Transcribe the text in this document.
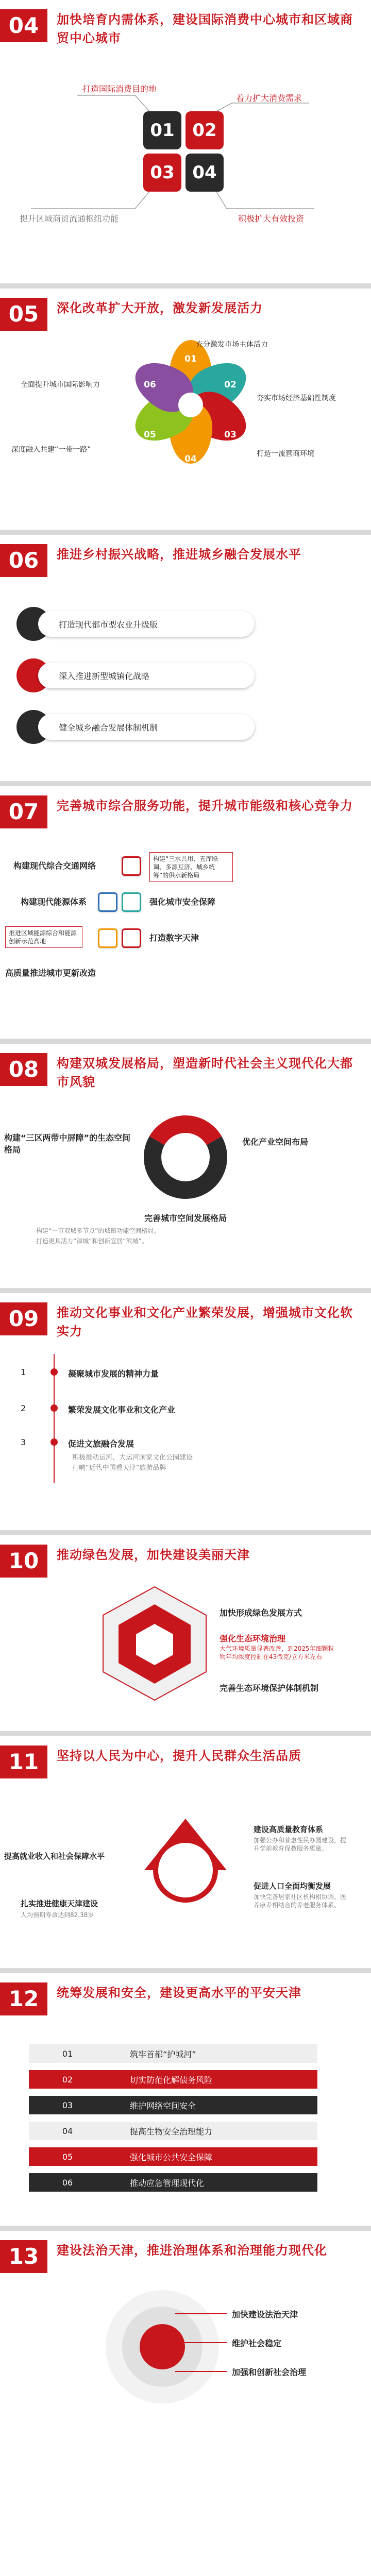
04	加快培育内需体系，建设国际消费中心城市和区域商贸中心城市
01	02
03	04
打造国际消费目的地
着力扩大消费需求
提升区域商贸流通枢纽功能	积极扩大有效投资
05	深化改革扩大开放，激发新发展活力
01
02
03
04
05
06
充分激发市场主体活力
夯实市场经济基础性制度
打造一流营商环境
深度融入共建“一带一路”
全面提升城市国际影响力
06	推进乡村振兴战略，推进城乡融合发展水平
打造现代都市型农业升级版
深入推进新型城镇化战略
健全城乡融合发展体制机制
07	完善城市综合服务功能，提升城市能级和核心竞争力
构建现代综合交通网络
构建“三水共用、五库联调、多源互济、城乡统筹”的供水新格局
构建现代能源体系	强化城市安全保障
推进区域能源综合和能源创新示范高地	打造数字天津
高质量推进城市更新改造
08	构建双城发展格局，塑造新时代社会主义现代化大都市风貌
构建“三区两带中屏障”的生态空间格局
优化产业空间布局
完善城市空间发展格局
构建“一市双城多节点”的城镇功能空间格局。
打造更具活力“津城”和创新宜居“滨城”。
09	推动文化事业和文化产业繁荣发展，增强城市文化软实力
1	凝聚城市发展的精神力量
2	繁荣发展文化事业和文化产业
3	促进文旅融合发展
积极推动运河、大运河国家文化公园建设
打响“近代中国看天津”旅游品牌
10	推动绿色发展，加快建设美丽天津
加快形成绿色发展方式
强化生态环境治理
大气环境质量显著改善，到2025年细颗粒物年均浓度控制在43微克/立方米左右
完善生态环境保护体制机制
11	坚持以人民为中心，提升人民群众生活品质
提高就业收入和社会保障水平
扎实推进健康天津建设
人均预期寿命达到82.38岁
建设高质量教育体系
加强公办和普惠性民办园建设，提升学前教育保教服务质量。
促进人口全面均衡发展
加快完善居家社区机构相协调、医养康养相结合的养老服务体系。
12	统筹发展和安全，建设更高水平的平安天津
01	筑牢首都“护城河”
02	切实防范化解债务风险
03	维护网络空间安全
04	提高生物安全治理能力
05	强化城市公共安全保障
06	推动应急管理现代化
13	建设法治天津，推进治理体系和治理能力现代化
加快建设法治天津
维护社会稳定
加强和创新社会治理
